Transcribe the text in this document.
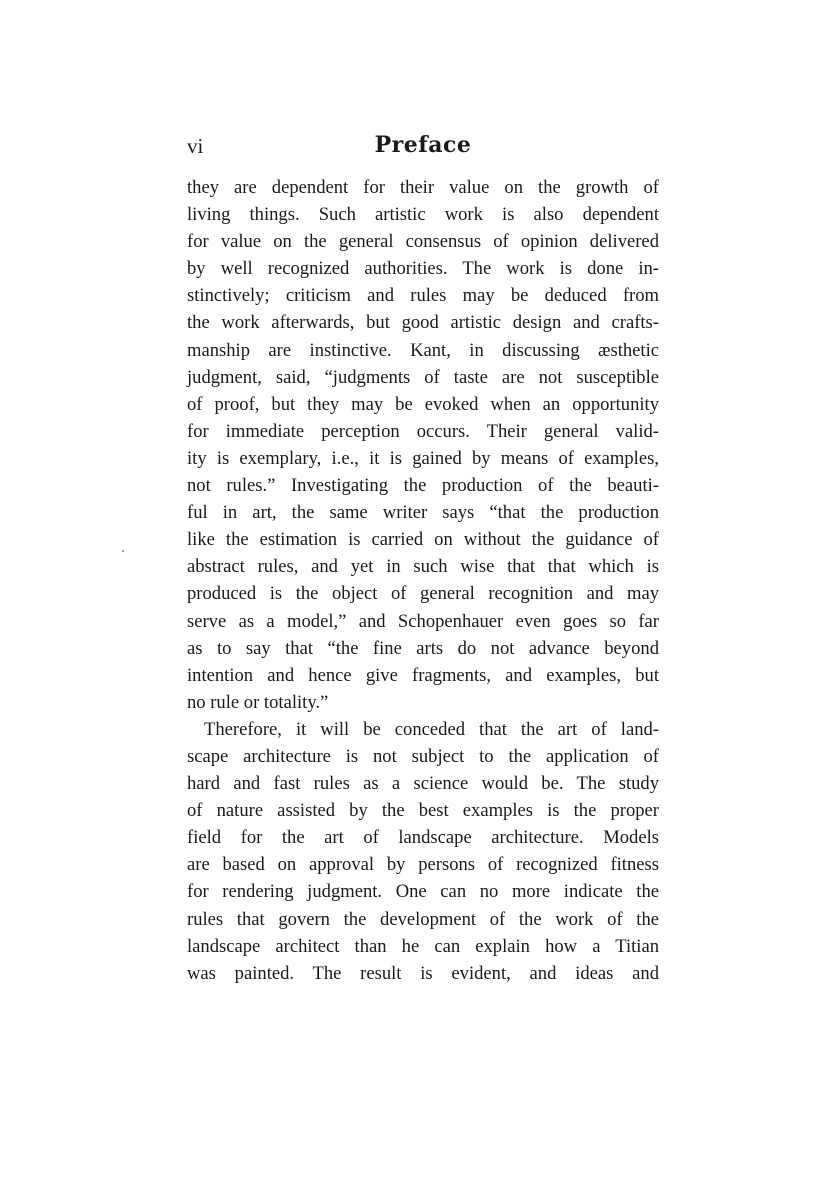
vi	Preface
they are dependent for their value on the growth of
living things. Such artistic work is also dependent
for value on the general consensus of opinion delivered
by well recognized authorities. The work is done in-
stinctively; criticism and rules may be deduced from
the work afterwards, but good artistic design and crafts-
manship are instinctive. Kant, in discussing æsthetic
judgment, said, “judgments of taste are not susceptible
of proof, but they may be evoked when an opportunity
for immediate perception occurs. Their general valid-
ity is exemplary, i.e., it is gained by means of examples,
not rules.” Investigating the production of the beauti-
ful in art, the same writer says “that the production
like the estimation is carried on without the guidance of
abstract rules, and yet in such wise that that which is
produced is the object of general recognition and may
serve as a model,” and Schopenhauer even goes so far
as to say that “the fine arts do not advance beyond
intention and hence give fragments, and examples, but
no rule or totality.”
Therefore, it will be conceded that the art of land-
scape architecture is not subject to the application of
hard and fast rules as a science would be. The study
of nature assisted by the best examples is the proper
field for the art of landscape architecture. Models
are based on approval by persons of recognized fitness
for rendering judgment. One can no more indicate the
rules that govern the development of the work of the
landscape architect than he can explain how a Titian
was painted. The result is evident, and ideas and
